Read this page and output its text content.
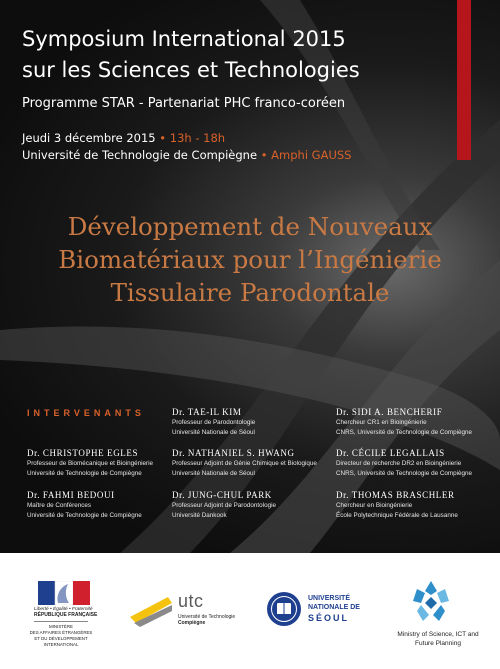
Symposium International 2015
sur les Sciences et Technologies
Programme STAR - Partenariat PHC franco-coréen
Jeudi 3 décembre 2015 • 13h - 18h
Université de Technologie de Compiègne • Amphi GAUSS
Développement de Nouveaux
Biomatériaux pour l’Ingénierie
Tissulaire Parodontale
INTERVENANTS
Dr. CHRISTOPHE EGLES
Professeur de Biomécanique et Bioingénierie
Université de Technologie de Compiègne
Dr. FAHMI BEDOUI
Maître de Conférences
Université de Technologie de Compiègne
Dr. TAE-IL KIM
Professeur de Parodontologie
Université Nationale de Séoul
Dr. NATHANIEL S. HWANG
Professeur Adjoint de Génie Chimique et Biologique
Université Nationale de Séoul
Dr. JUNG-CHUL PARK
Professeur Adjoint de Parodontologie
Université Dankook
Dr. SIDI A. BENCHERIF
Chercheur CR1 en Bioingénierie
CNRS, Université de Technologie de Compiègne
Dr. CÉCILE LEGALLAIS
Directeur de recherche DR2 en Bioingénierie
CNRS, Université de Technologie de Compiègne
Dr. THOMAS BRASCHLER
Chercheur en Bioingénierie
École Polytechnique Fédérale de Lausanne
Liberté • Égalité • Fraternité
RÉPUBLIQUE FRANÇAISE
MINISTÈRE
DES AFFAIRES ÉTRANGÈRES
ET DU DÉVELOPPEMENT
INTERNATIONAL
utc
Université de Technologie
Compiègne
UNIVERSITÉ
NATIONALE DE
SÉOUL
Ministry of Science, ICT and
Future Planning
